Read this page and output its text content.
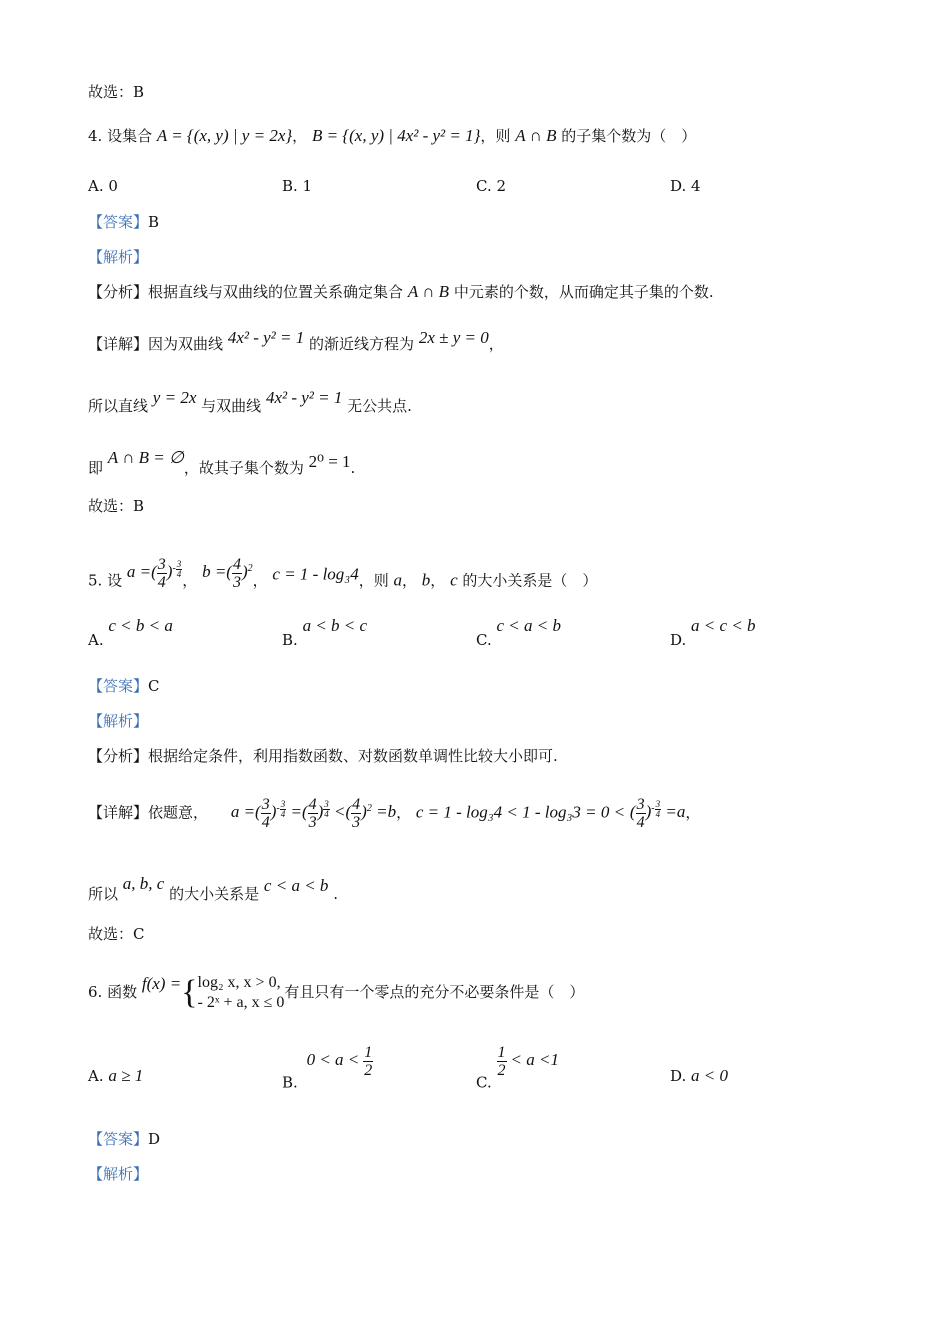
故选：B
4. 设集合 A = {(x, y) | y = 2x}， B = {(x, y) | 4x² - y² = 1}，则 A ∩ B 的子集个数为（　）
A. 0	B. 1	C. 2	D. 4
【答案】B
【解析】
【分析】根据直线与双曲线的位置关系确定集合 A ∩ B 中元素的个数，从而确定其子集的个数.
【详解】因为双曲线 4x² - y² = 1 的渐近线方程为 2x ± y = 0，
所以直线 y = 2x 与双曲线 4x² - y² = 1 无公共点.
即 A ∩ B = ∅，故其子集个数为 2⁰ = 1.
故选：B
5. 设 a =( $\frac{3}{4} )^{- \frac{3}{4}}$
， b =( $\frac{4}{3} )^2$， c = 1 - log₃4，则 a， b， c 的大小关系是（　）
A. c < b < a
B. a < b < c
C. c < a < b
D. a < c < b
【答案】C
【解析】
【分析】根据给定条件，利用指数函数、对数函数单调性比较大小即可.
【详解】依题意， a =( $\frac{3}{4} )^{- \frac{3}{4}}$ =( $\frac{4}{3}$ ) $^{\frac{3}{4}}$ <( $\frac{4}{3} )^2 =b$， c = 1 - log₃4 < 1 - log₃3 = 0 < ( $\frac{3}{4} )^{- \frac{3}{4}} =a$，
所以 a, b, c 的大小关系是 c < a < b .
故选：C
6. 函数 f(x) ={ log₂ x, x > 0,
- 2ˣ + a, x ≤ 0
有且只有一个零点的充分不必要条件是（　）
A. a ≥ 1	B. $0 < a < \frac{1}{2}$
C.
$\frac{1}{2} < a <1$
D. a < 0
【答案】D
【解析】
